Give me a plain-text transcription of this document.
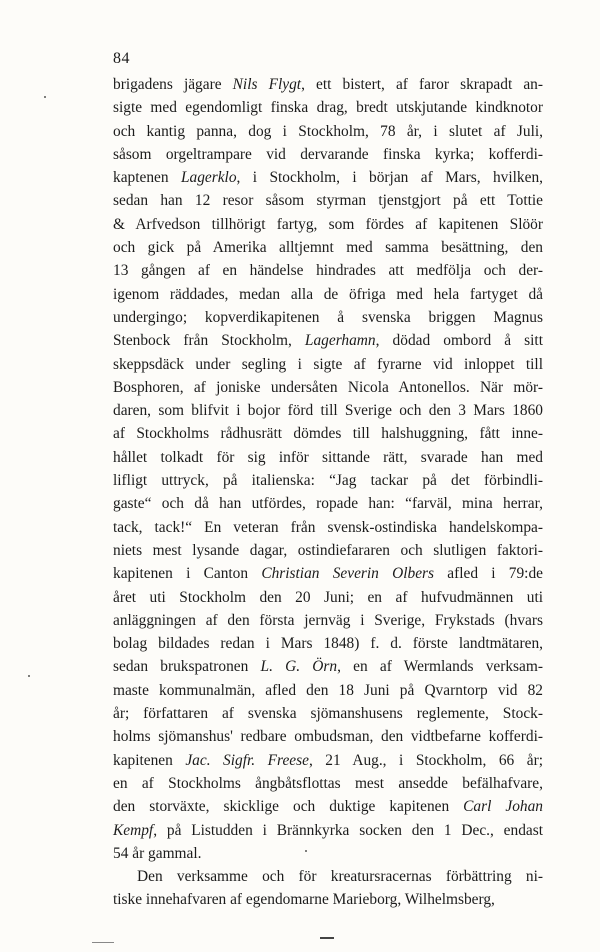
84
brigadens jägare Nils Flygt, ett bistert, af faror skrapadt an-
sigte med egendomligt finska drag, bredt utskjutande kindknotor
och kantig panna, dog i Stockholm, 78 år, i slutet af Juli,
såsom orgeltrampare vid dervarande finska kyrka; kofferdi-
kaptenen Lagerklo, i Stockholm, i början af Mars, hvilken,
sedan han 12 resor såsom styrman tjenstgjort på ett Tottie
& Arfvedson tillhörigt fartyg, som fördes af kapitenen Slöör
och gick på Amerika alltjemnt med samma besättning, den
13 gången af en händelse hindrades att medfölja och der-
igenom räddades, medan alla de öfriga med hela fartyget då
undergingo; kopverdikapitenen å svenska briggen Magnus
Stenbock från Stockholm, Lagerhamn, dödad ombord å sitt
skeppsdäck under segling i sigte af fyrarne vid inloppet till
Bosphoren, af joniske undersåten Nicola Antonellos. När mör-
daren, som blifvit i bojor förd till Sverige och den 3 Mars 1860
af Stockholms rådhusrätt dömdes till halshuggning, fått inne-
hållet tolkadt för sig inför sittande rätt, svarade han med
lifligt uttryck, på italienska: “Jag tackar på det förbindli-
gaste“ och då han utfördes, ropade han: “farväl, mina herrar,
tack, tack!“ En veteran från svensk-ostindiska handelskompa-
niets mest lysande dagar, ostindiefararen och slutligen faktori-
kapitenen i Canton Christian Severin Olbers afled i 79:de
året uti Stockholm den 20 Juni; en af hufvudmännen uti
anläggningen af den första jernväg i Sverige, Frykstads (hvars
bolag bildades redan i Mars 1848) f. d. förste landtmätaren,
sedan brukspatronen L. G. Örn, en af Wermlands verksam-
maste kommunalmän, afled den 18 Juni på Qvarntorp vid 82
år; författaren af svenska sjömanshusens reglemente, Stock-
holms sjömanshus' redbare ombudsman, den vidtbefarne kofferdi-
kapitenen Jac. Sigfr. Freese, 21 Aug., i Stockholm, 66 år;
en af Stockholms ångbåtsflottas mest ansedde befälhafvare,
den storväxte, skicklige och duktige kapitenen Carl Johan
Kempf, på Listudden i Brännkyrka socken den 1 Dec., endast
54 år gammal.
Den verksamme och för kreatursracernas förbättring ni-
tiske innehafvaren af egendomarne Marieborg, Wilhelmsberg,
